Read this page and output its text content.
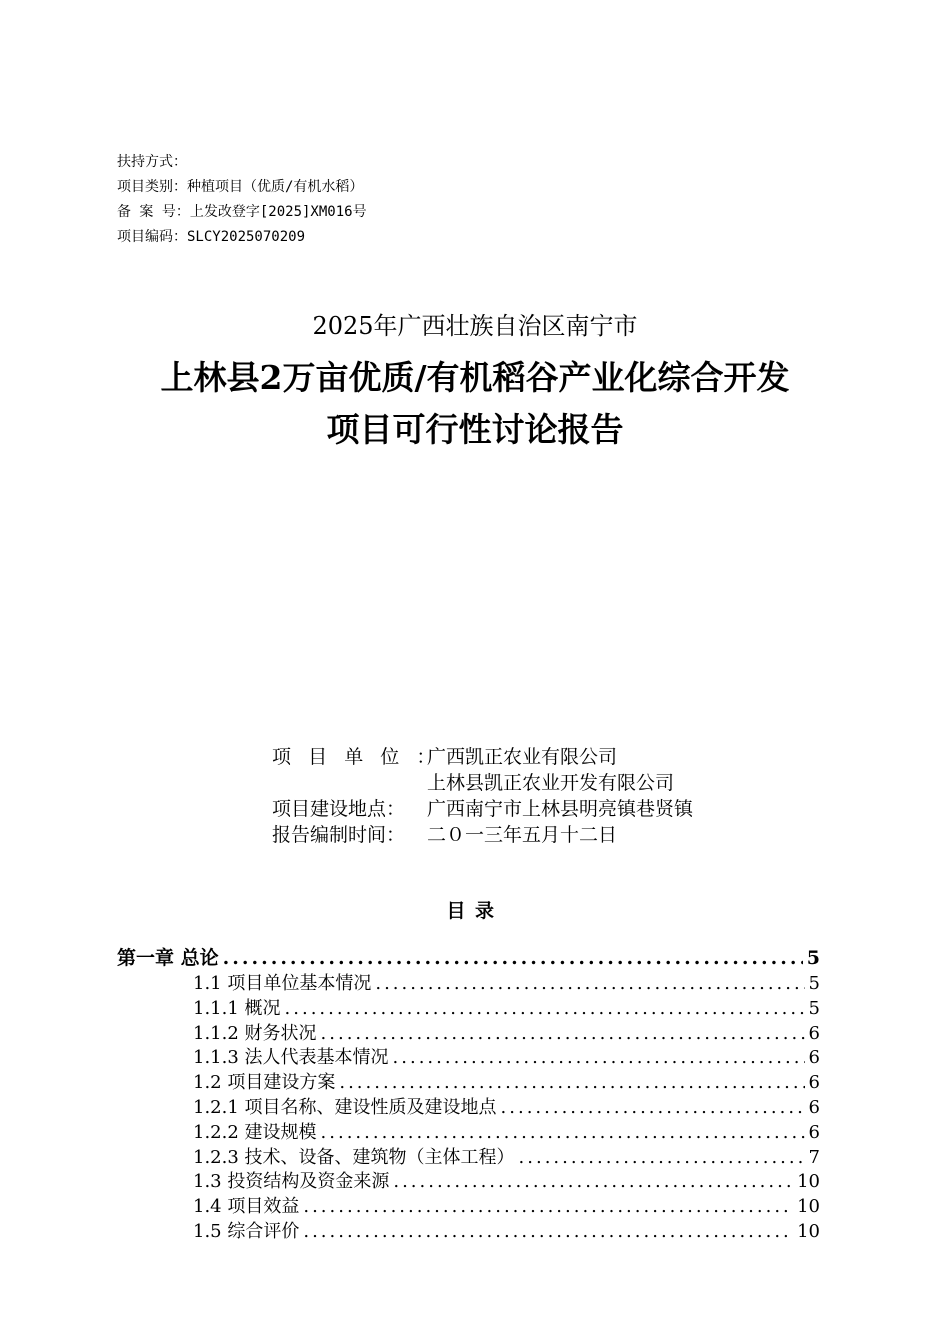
扶持方式：
项目类别：种植项目（优质/有机水稻）
备 案 号：上发改登字[2025]XM016号
项目编码：SLCY2025070209
2025年广西壮族自治区南宁市
上林县2万亩优质/有机稻谷产业化综合开发
项目可行性讨论报告
项目单位：
广西凯正农业有限公司
上林县凯正农业开发有限公司
项目建设地点：	广西南宁市上林县明亮镇巷贤镇
报告编制时间：	二０一三年五月十二日
目录
第一章 总论 .....	5
1.1 项目单位基本情况 .....	5
1.1.1 概况 .....	5
1.1.2 财务状况 .....	6
1.1.3 法人代表基本情况 .....	6
1.2 项目建设方案 .....	6
1.2.1 项目名称、建设性质及建设地点 .....	6
1.2.2 建设规模 .....	6
1.2.3 技术、设备、建筑物（主体工程） .....	7
1.3 投资结构及资金来源 .....	10
1.4 项目效益 .....	10
1.5 综合评价 .....	10
